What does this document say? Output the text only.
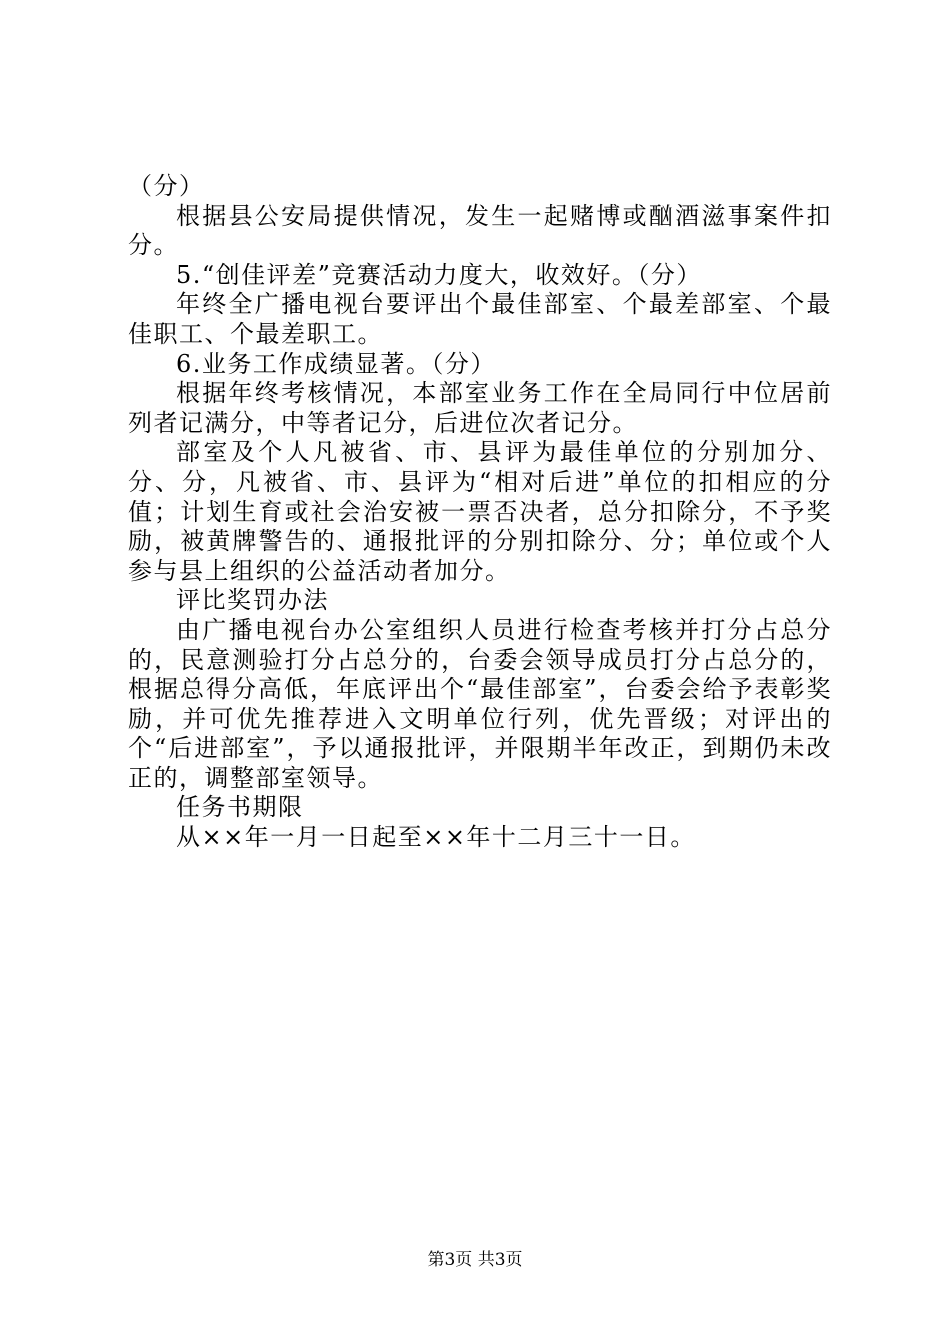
（分）

根据县公安局提供情况，发生一起赌博或酗酒滋事案件扣分。

5.“创佳评差”竞赛活动力度大，收效好。（分）

年终全广播电视台要评出个最佳部室、个最差部室、个最佳职工、个最差职工。

6.业务工作成绩显著。（分）

根据年终考核情况，本部室业务工作在全局同行中位居前列者记满分，中等者记分，后进位次者记分。

部室及个人凡被省、市、县评为最佳单位的分别加分、分、分，凡被省、市、县评为“相对后进”单位的扣相应的分值；计划生育或社会治安被一票否决者，总分扣除分，不予奖励，被黄牌警告的、通报批评的分别扣除分、分；单位或个人参与县上组织的公益活动者加分。

评比奖罚办法

由广播电视台办公室组织人员进行检查考核并打分占总分的，民意测验打分占总分的，台委会领导成员打分占总分的，根据总得分高低，年底评出个“最佳部室”，台委会给予表彰奖励，并可优先推荐进入文明单位行列，优先晋级；对评出的个“后进部室”，予以通报批评，并限期半年改正，到期仍未改正的，调整部室领导。

任务书期限

从××年一月一日起至××年十二月三十一日。

第3页 共3页
